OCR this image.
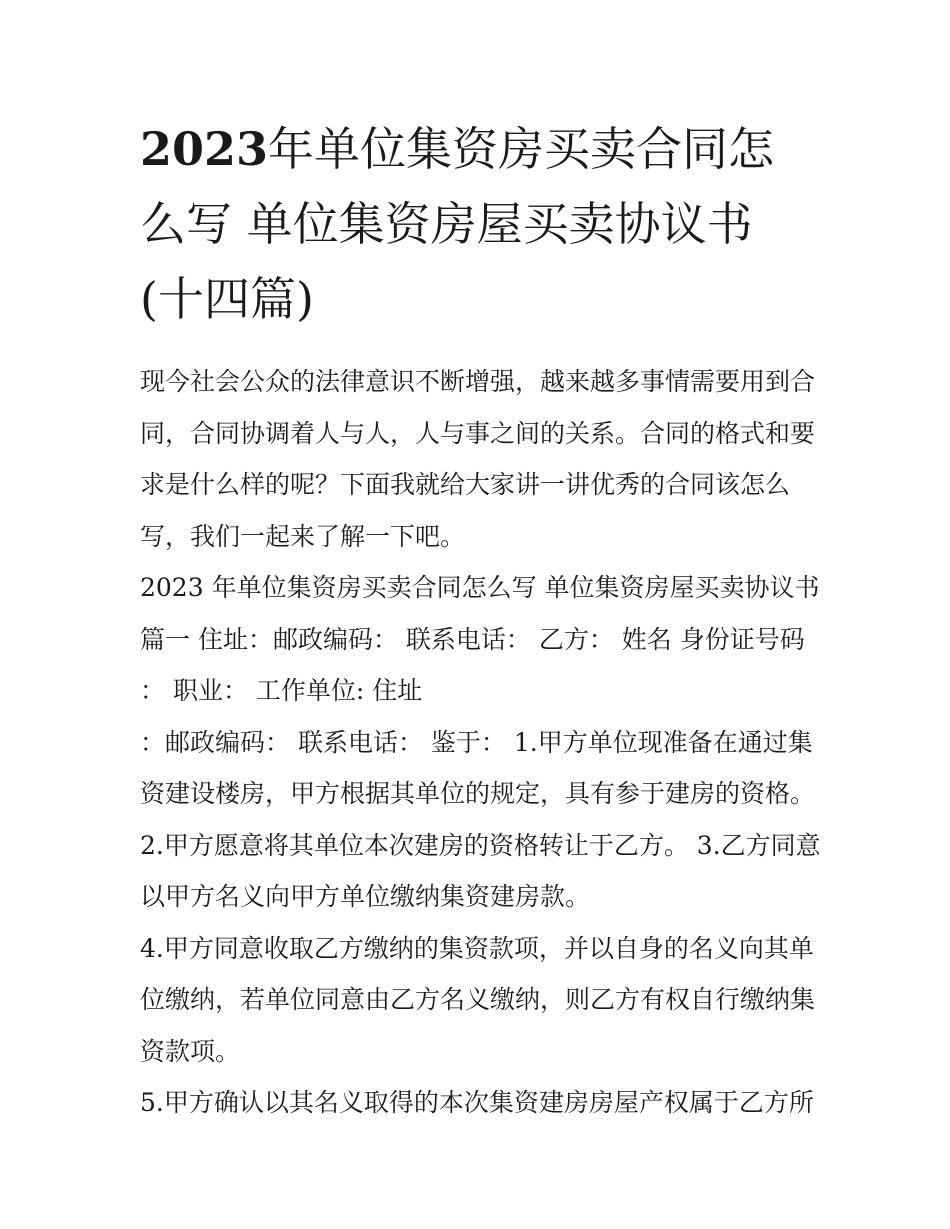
2023年单位集资房买卖合同怎
么写 单位集资房屋买卖协议书
(十四篇)

现今社会公众的法律意识不断增强，越来越多事情需要用到合
同，合同协调着人与人，人与事之间的关系。合同的格式和要
求是什么样的呢？下面我就给大家讲一讲优秀的合同该怎么
写，我们一起来了解一下吧。

2023 年单位集资房买卖合同怎么写 单位集资房屋买卖协议书
篇一 住址：邮政编码： 联系电话： 乙方： 姓名 身份证号码
： 职业： 工作单位: 住址

：邮政编码： 联系电话： 鉴于： 1.甲方单位现准备在通过集
资建设楼房，甲方根据其单位的规定，具有参于建房的资格。
2.甲方愿意将其单位本次建房的资格转让于乙方。 3.乙方同意
以甲方名义向甲方单位缴纳集资建房款。

4.甲方同意收取乙方缴纳的集资款项，并以自身的名义向其单
位缴纳，若单位同意由乙方名义缴纳，则乙方有权自行缴纳集
资款项。

5.甲方确认以其名义取得的本次集资建房房屋产权属于乙方所
